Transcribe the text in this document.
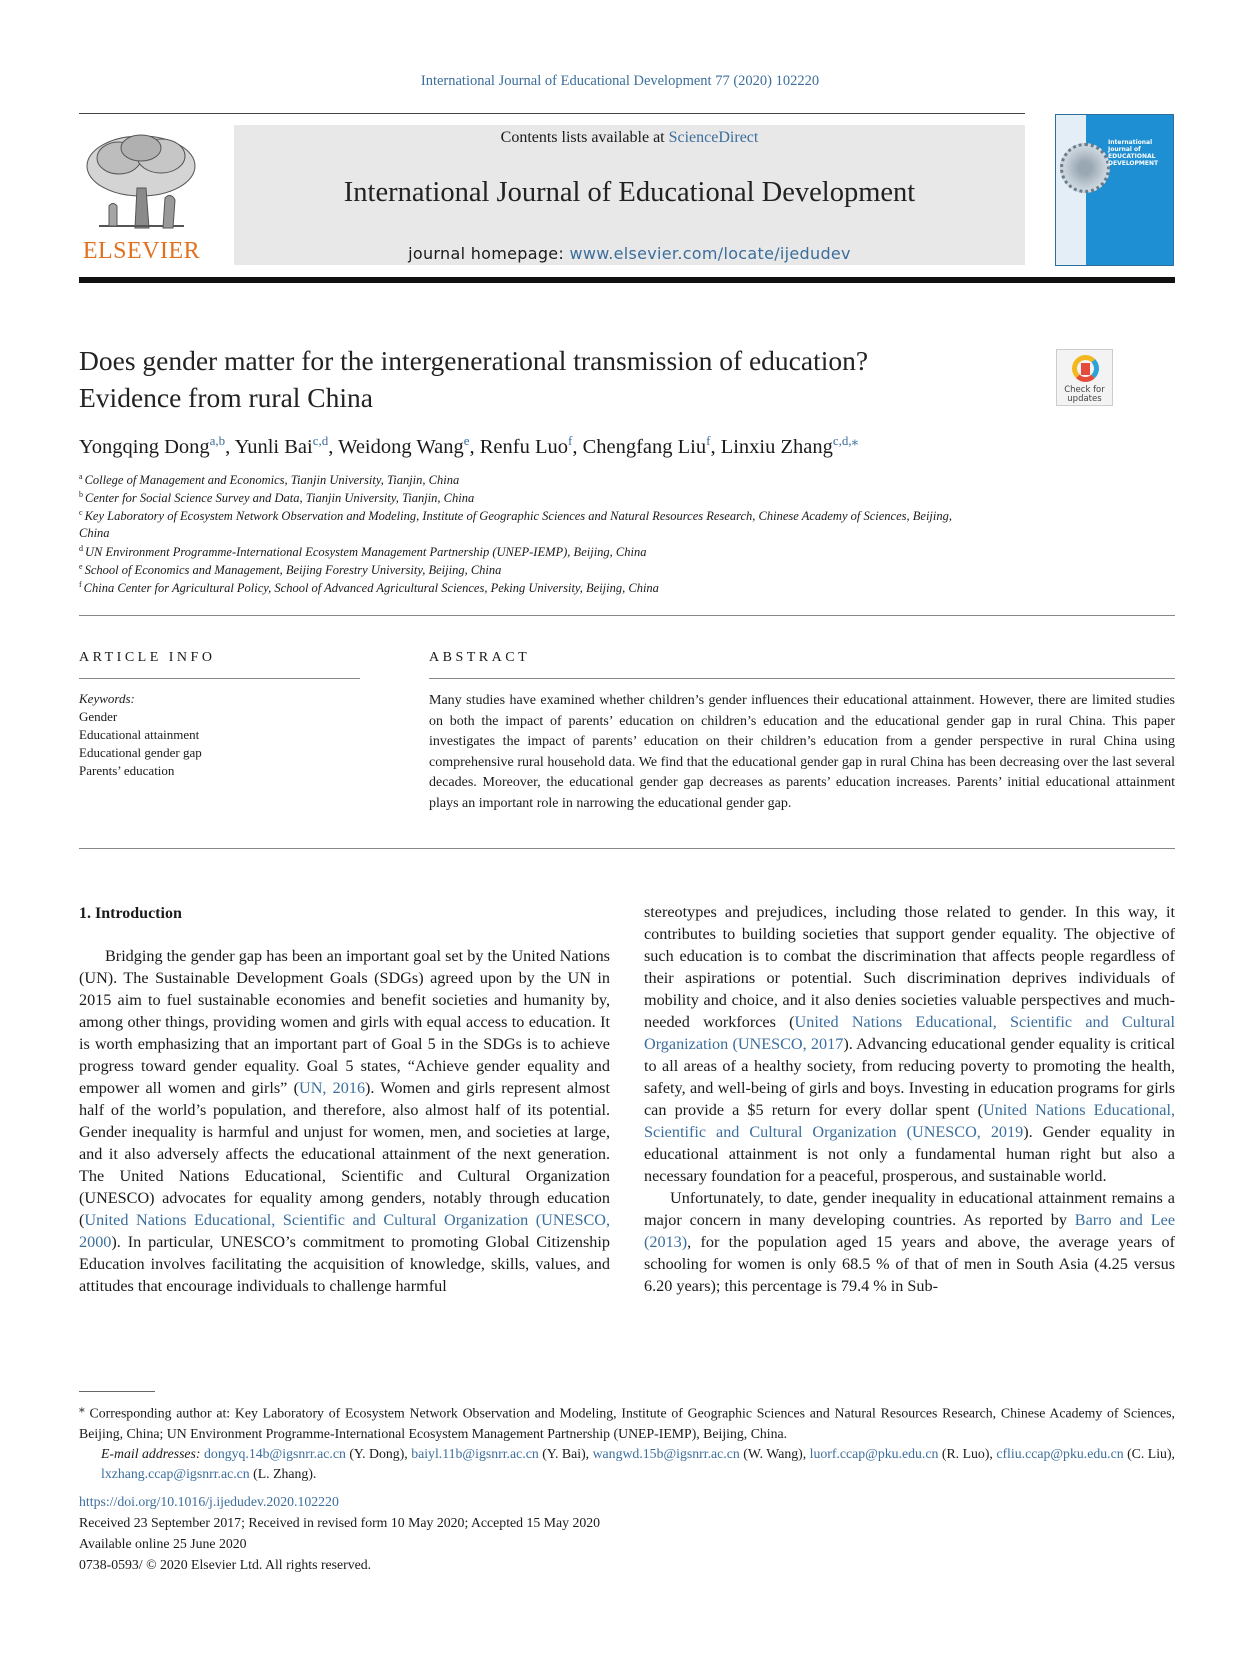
International Journal of Educational Development 77 (2020) 102220
ELSEVIER
Contents lists available at ScienceDirect
International Journal of Educational Development
journal homepage: www.elsevier.com/locate/ijedudev
International Journal of EDUCATIONAL DEVELOPMENT
Does gender matter for the intergenerational transmission of education?
Evidence from rural China	Check for updates
Yongqing Dong$^{a,b}$, Yunli Bai$^{c,d}$, Weidong Wang$^e$, Renfu Luo$^f$, Chengfang Liu$^f$, Linxiu Zhang$^{c,d,⁎}$
$^a$ College of Management and Economics, Tianjin University, Tianjin, China
$^b$ Center for Social Science Survey and Data, Tianjin University, Tianjin, China
$^c$ Key Laboratory of Ecosystem Network Observation and Modeling, Institute of Geographic Sciences and Natural Resources Research, Chinese Academy of Sciences, Beijing,
China
$^d$ UN Environment Programme-International Ecosystem Management Partnership (UNEP-IEMP), Beijing, China
$^e$ School of Economics and Management, Beijing Forestry University, Beijing, China
$^f$ China Center for Agricultural Policy, School of Advanced Agricultural Sciences, Peking University, Beijing, China
ARTICLE INFO
Keywords:
Gender
Educational attainment
Educational gender gap
Parents’ education
ABSTRACT
Many studies have examined whether children’s gender influences their educational attainment. However, there are limited studies on both the impact of parents’ education on children’s education and the educational gender gap in rural China. This paper investigates the impact of parents’ education on their children’s education from a gender perspective in rural China using comprehensive rural household data. We find that the educational gender gap in rural China has been decreasing over the last several decades. Moreover, the educational gender gap decreases as parents’ education increases. Parents’ initial educational attainment plays an important role in narrowing the educational gender gap.
1. Introduction

Bridging the gender gap has been an important goal set by the United Nations (UN). The Sustainable Development Goals (SDGs) agreed upon by the UN in 2015 aim to fuel sustainable economies and benefit societies and humanity by, among other things, providing women and girls with equal access to education. It is worth emphasizing that an important part of Goal 5 in the SDGs is to achieve progress toward gender equality. Goal 5 states, “Achieve gender equality and empower all women and girls” (UN, 2016). Women and girls represent almost half of the world’s population, and therefore, also almost half of its potential. Gender inequality is harmful and unjust for women, men, and societies at large, and it also adversely affects the educational attainment of the next generation. The United Nations Educational, Scientific and Cultural Organization (UNESCO) advocates for equality among genders, notably through education (United Nations Educational, Scientific and Cultural Organization (UNESCO, 2000). In particular, UNESCO’s commitment to promoting Global Citizenship Education involves facilitating the acquisition of knowledge, skills, values, and attitudes that encourage individuals to challenge harmful

stereotypes and prejudices, including those related to gender. In this way, it contributes to building societies that support gender equality. The objective of such education is to combat the discrimination that affects people regardless of their aspirations or potential. Such discrimination deprives individuals of mobility and choice, and it also denies societies valuable perspectives and much-needed workforces (United Nations Educational, Scientific and Cultural Organization (UNESCO, 2017). Advancing educational gender equality is critical to all areas of a healthy society, from reducing poverty to promoting the health, safety, and well-being of girls and boys. Investing in education programs for girls can provide a $5 return for every dollar spent (United Nations Educational, Scientific and Cultural Organization (UNESCO, 2019). Gender equality in educational attainment is not only a fundamental human right but also a necessary foundation for a peaceful, prosperous, and sustainable world.

Unfortunately, to date, gender inequality in educational attainment remains a major concern in many developing countries. As reported by Barro and Lee (2013), for the population aged 15 years and above, the average years of schooling for women is only 68.5 % of that of men in South Asia (4.25 versus 6.20 years); this percentage is 79.4 % in Sub-

⁎ Corresponding author at: Key Laboratory of Ecosystem Network Observation and Modeling, Institute of Geographic Sciences and Natural Resources Research, Chinese Academy of Sciences, Beijing, China; UN Environment Programme-International Ecosystem Management Partnership (UNEP-IEMP), Beijing, China.
E-mail addresses: dongyq.14b@igsnrr.ac.cn (Y. Dong), baiyl.11b@igsnrr.ac.cn (Y. Bai), wangwd.15b@igsnrr.ac.cn (W. Wang), luorf.ccap@pku.edu.cn (R. Luo), cfliu.ccap@pku.edu.cn (C. Liu), lxzhang.ccap@igsnrr.ac.cn (L. Zhang).
https://doi.org/10.1016/j.ijedudev.2020.102220
Received 23 September 2017; Received in revised form 10 May 2020; Accepted 15 May 2020
Available online 25 June 2020
0738-0593/ © 2020 Elsevier Ltd. All rights reserved.
